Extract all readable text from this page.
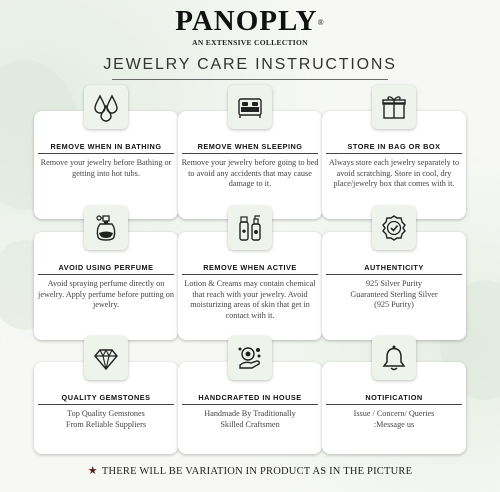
PANOPLY®
AN EXTENSIVE COLLECTION
JEWELRY CARE INSTRUCTIONS
REMOVE WHEN IN BATHING
Remove your jewelry before Bathing or getting into hot tubs.
REMOVE WHEN SLEEPING
Remove your jewelry before going to bed to avoid any accidents that may cause damage to it.
STORE IN BAG OR BOX
Always store each jewelry separately to avoid scratching. Store in cool, dry place/jewelry box that comes with it.
AVOID USING PERFUME
Avoid spraying perfume directly on jewelry. Apply perfume before putting on jewelry.
REMOVE WHEN ACTIVE
Lotion & Creams may contain chemical that reach with your jewelry. Avoid moisturizing areas of skin that get in contact with it.
AUTHENTICITY
925 Silver Purity
Guaranteed Sterling Silver
(925 Purity)
QUALITY GEMSTONES
Top Quality Gemstones
From Reliable Suppliers
HANDCRAFTED IN HOUSE
Handmade By Traditionally
Skilled Craftsmen
NOTIFICATION
Issue / Concern/ Queries
:Message us
★ THERE WILL BE VARIATION IN PRODUCT AS IN THE PICTURE
